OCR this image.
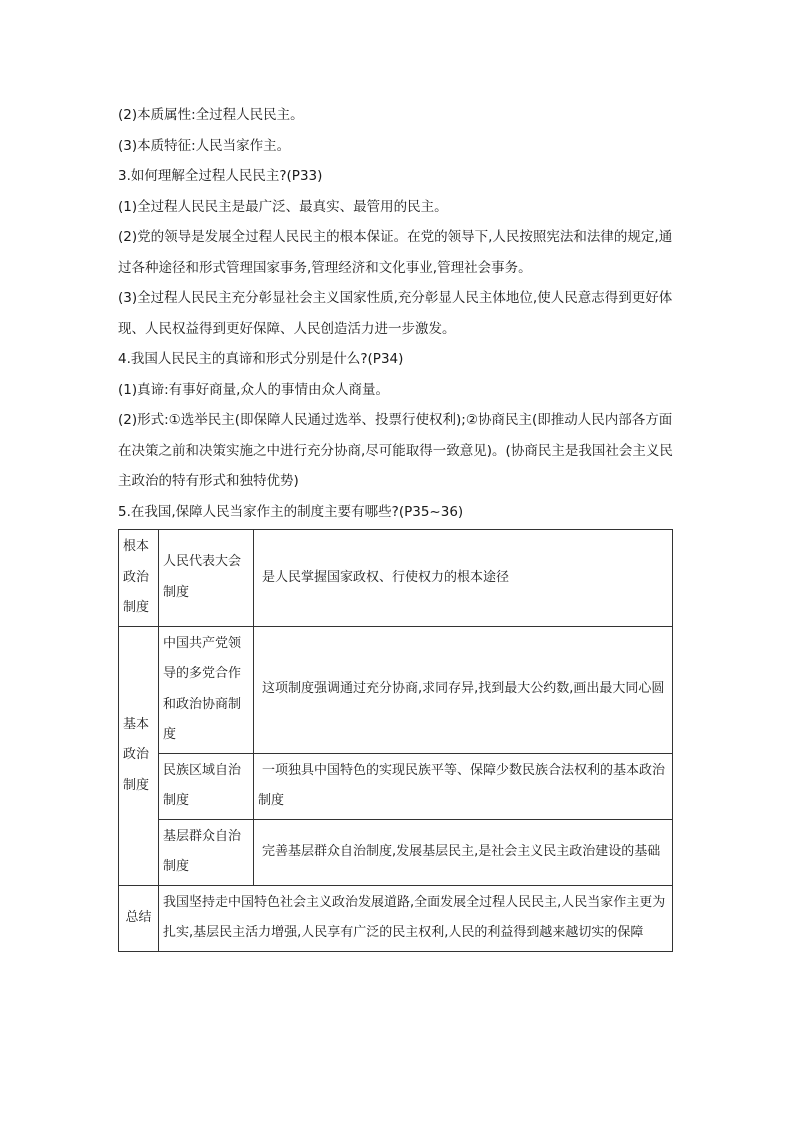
(2)本质属性:全过程人民民主。

(3)本质特征:人民当家作主。

3.如何理解全过程人民民主?(P33)

(1)全过程人民民主是最广泛、最真实、最管用的民主。

(2)党的领导是发展全过程人民民主的根本保证。在党的领导下,人民按照宪法和法律的规定,通过各种途径和形式管理国家事务,管理经济和文化事业,管理社会事务。

(3)全过程人民民主充分彰显社会主义国家性质,充分彰显人民主体地位,使人民意志得到更好体现、人民权益得到更好保障、人民创造活力进一步激发。

4.我国人民民主的真谛和形式分别是什么?(P34)

(1)真谛:有事好商量,众人的事情由众人商量。

(2)形式:①选举民主(即保障人民通过选举、投票行使权利);②协商民主(即推动人民内部各方面在决策之前和决策实施之中进行充分协商,尽可能取得一致意见)。(协商民主是我国社会主义民主政治的特有形式和独特优势)

5.在我国,保障人民当家作主的制度主要有哪些?(P35~36)

根本政治制度	人民代表大会制度	是人民掌握国家政权、行使权力的根本途径
基本政治制度	中国共产党领导的多党合作和政治协商制度	这项制度强调通过充分协商,求同存异,找到最大公约数,画出最大同心圆
	民族区域自治制度	一项独具中国特色的实现民族平等、保障少数民族合法权利的基本政治制度
	基层群众自治制度	完善基层群众自治制度,发展基层民主,是社会主义民主政治建设的基础
总结	我国坚持走中国特色社会主义政治发展道路,全面发展全过程人民民主,人民当家作主更为扎实,基层民主活力增强,人民享有广泛的民主权利,人民的利益得到越来越切实的保障	
